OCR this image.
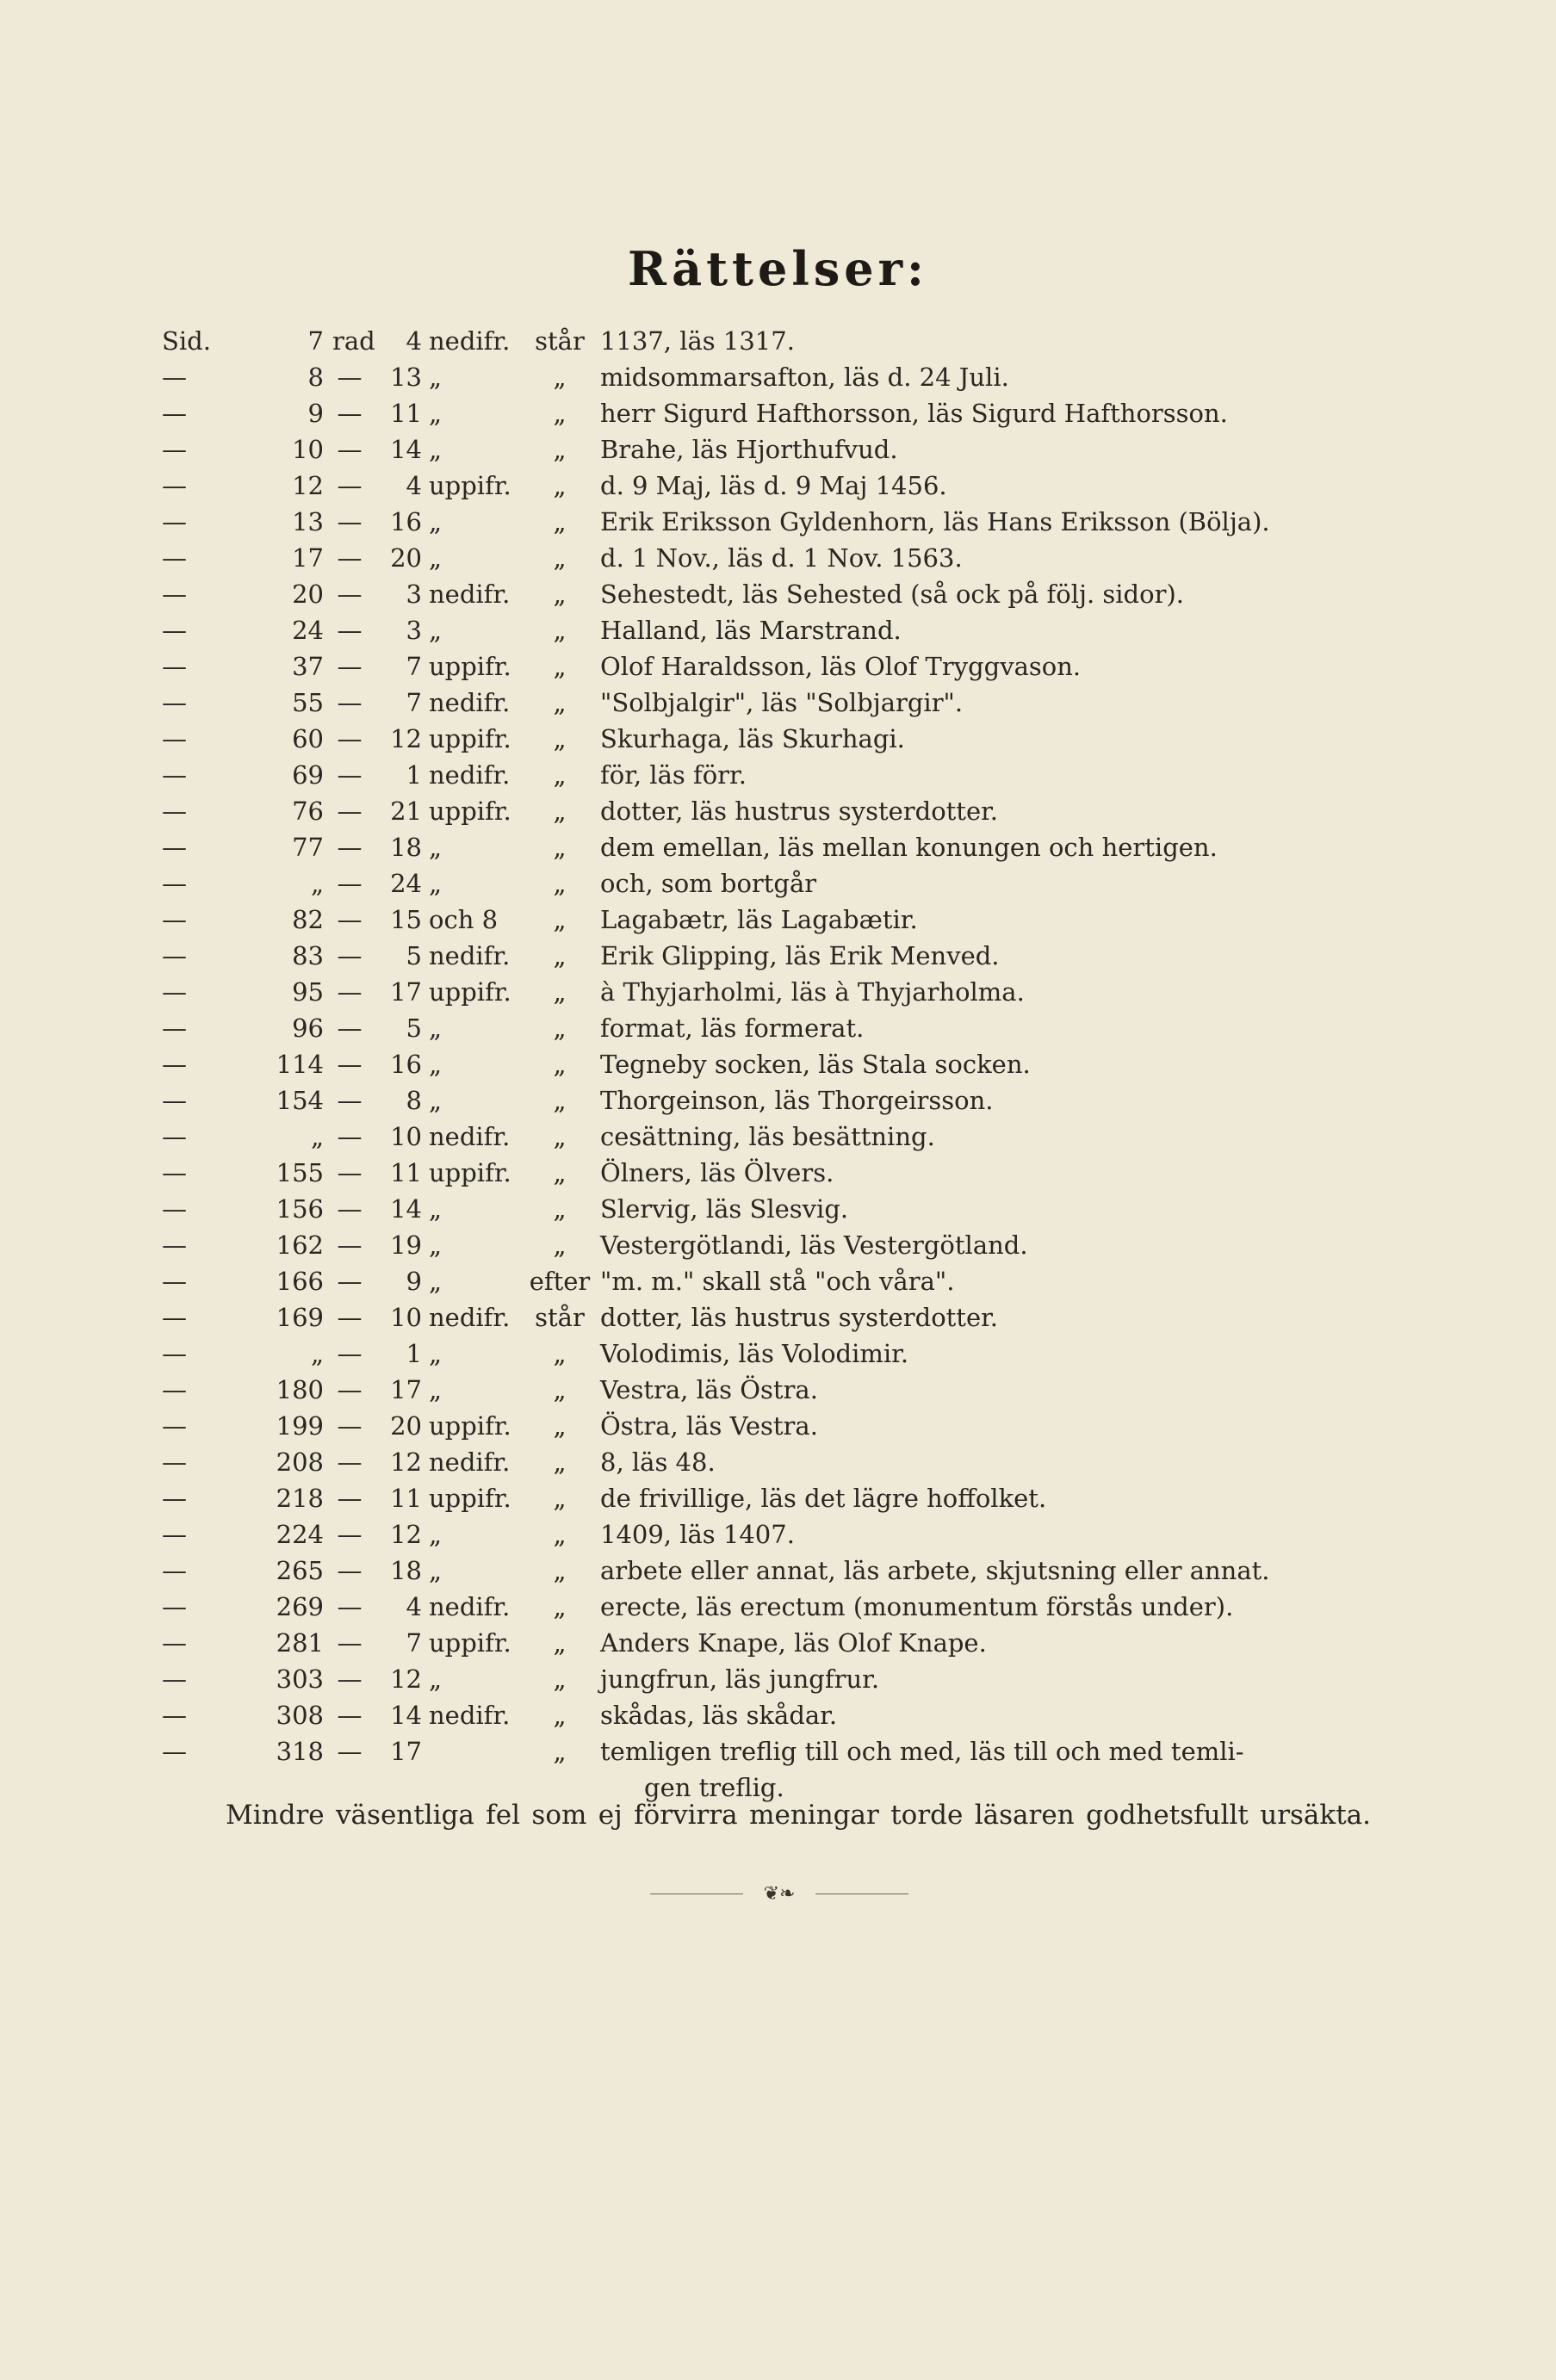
Rättelser:
Sid.	7 rad	4 nedifr. står 1137, läs 1317.
—	8 —	13 „	„	midsommarsafton, läs d. 24 Juli.
—	9 —	11 „	„	herr Sigurd Hafthorsson, läs Sigurd Hafthorsson.
—	10 —	14 „	„	Brahe, läs Hjorthufvud.
—	12 —	4 uppifr.	„	d. 9 Maj, läs d. 9 Maj 1456.
—	13 —	16 „	„	Erik Eriksson Gyldenhorn, läs Hans Eriksson (Bölja).
—	17 —	20 „	„	d. 1 Nov., läs d. 1 Nov. 1563.
—	20 —	3 nedifr.	„	Sehestedt, läs Sehested (så ock på följ. sidor).
—	24 —	3 „	„	Halland, läs Marstrand.
—	37 —	7 uppifr.	„	Olof Haraldsson, läs Olof Tryggvason.
—	55 —	7 nedifr.	„	"Solbjalgir", läs "Solbjargir".
—	60 —	12 uppifr.	„	Skurhaga, läs Skurhagi.
—	69 —	1 nedifr.	„	för, läs förr.
—	76 —	21 uppifr.	„	dotter, läs hustrus systerdotter.
—	77 —	18 „	„	dem emellan, läs mellan konungen och hertigen.
—	„ —	24 „	„	och, som bortgår
—	82 —	15 och 8	„	Lagabætr, läs Lagabætir.
—	83 —	5 nedifr.	„	Erik Glipping, läs Erik Menved.
—	95 —	17 uppifr.	„	à Thyjarholmi, läs à Thyjarholma.
—	96 —	5 „	„	format, läs formerat.
—	114 —	16 „	„	Tegneby socken, läs Stala socken.
—	154 —	8 „	„	Thorgeinson, läs Thorgeirsson.
—	„ —	10 nedifr.	„	cesättning, läs besättning.
—	155 —	11 uppifr.	„	Ölners, läs Ölvers.
—	156 —	14 „	„	Slervig, läs Slesvig.
—	162 —	19 „	„	Vestergötlandi, läs Vestergötland.
—	166 —	9 „	efter "m. m." skall stå "och våra".
—	169 —	10 nedifr. står dotter, läs hustrus systerdotter.
—	„ —	1 „	„	Volodimis, läs Volodimir.
—	180 —	17 „	„	Vestra, läs Östra.
—	199 —	20 uppifr.	„	Östra, läs Vestra.
—	208 —	12 nedifr.	„	8, läs 48.
—	218 —	11 uppifr.	„	de frivillige, läs det lägre hoffolket.
—	224 —	12 „	„	1409, läs 1407.
—	265 —	18 „	„	arbete eller annat, läs arbete, skjutsning eller annat.
—	269 —	4 nedifr.	„	erecte, läs erectum (monumentum förstås under).
—	281 —	7 uppifr.	„	Anders Knape, läs Olof Knape.
—	303 —	12 „	„	jungfrun, läs jungfrur.
—	308 —	14 nedifr.	„	skådas, läs skådar.
—	318 —	17	„	temligen treflig till och med, läs till och med temli-
gen treflig.
Mindre väsentliga fel som ej förvirra meningar torde läsaren godhetsfullt ursäkta.
❦❧
